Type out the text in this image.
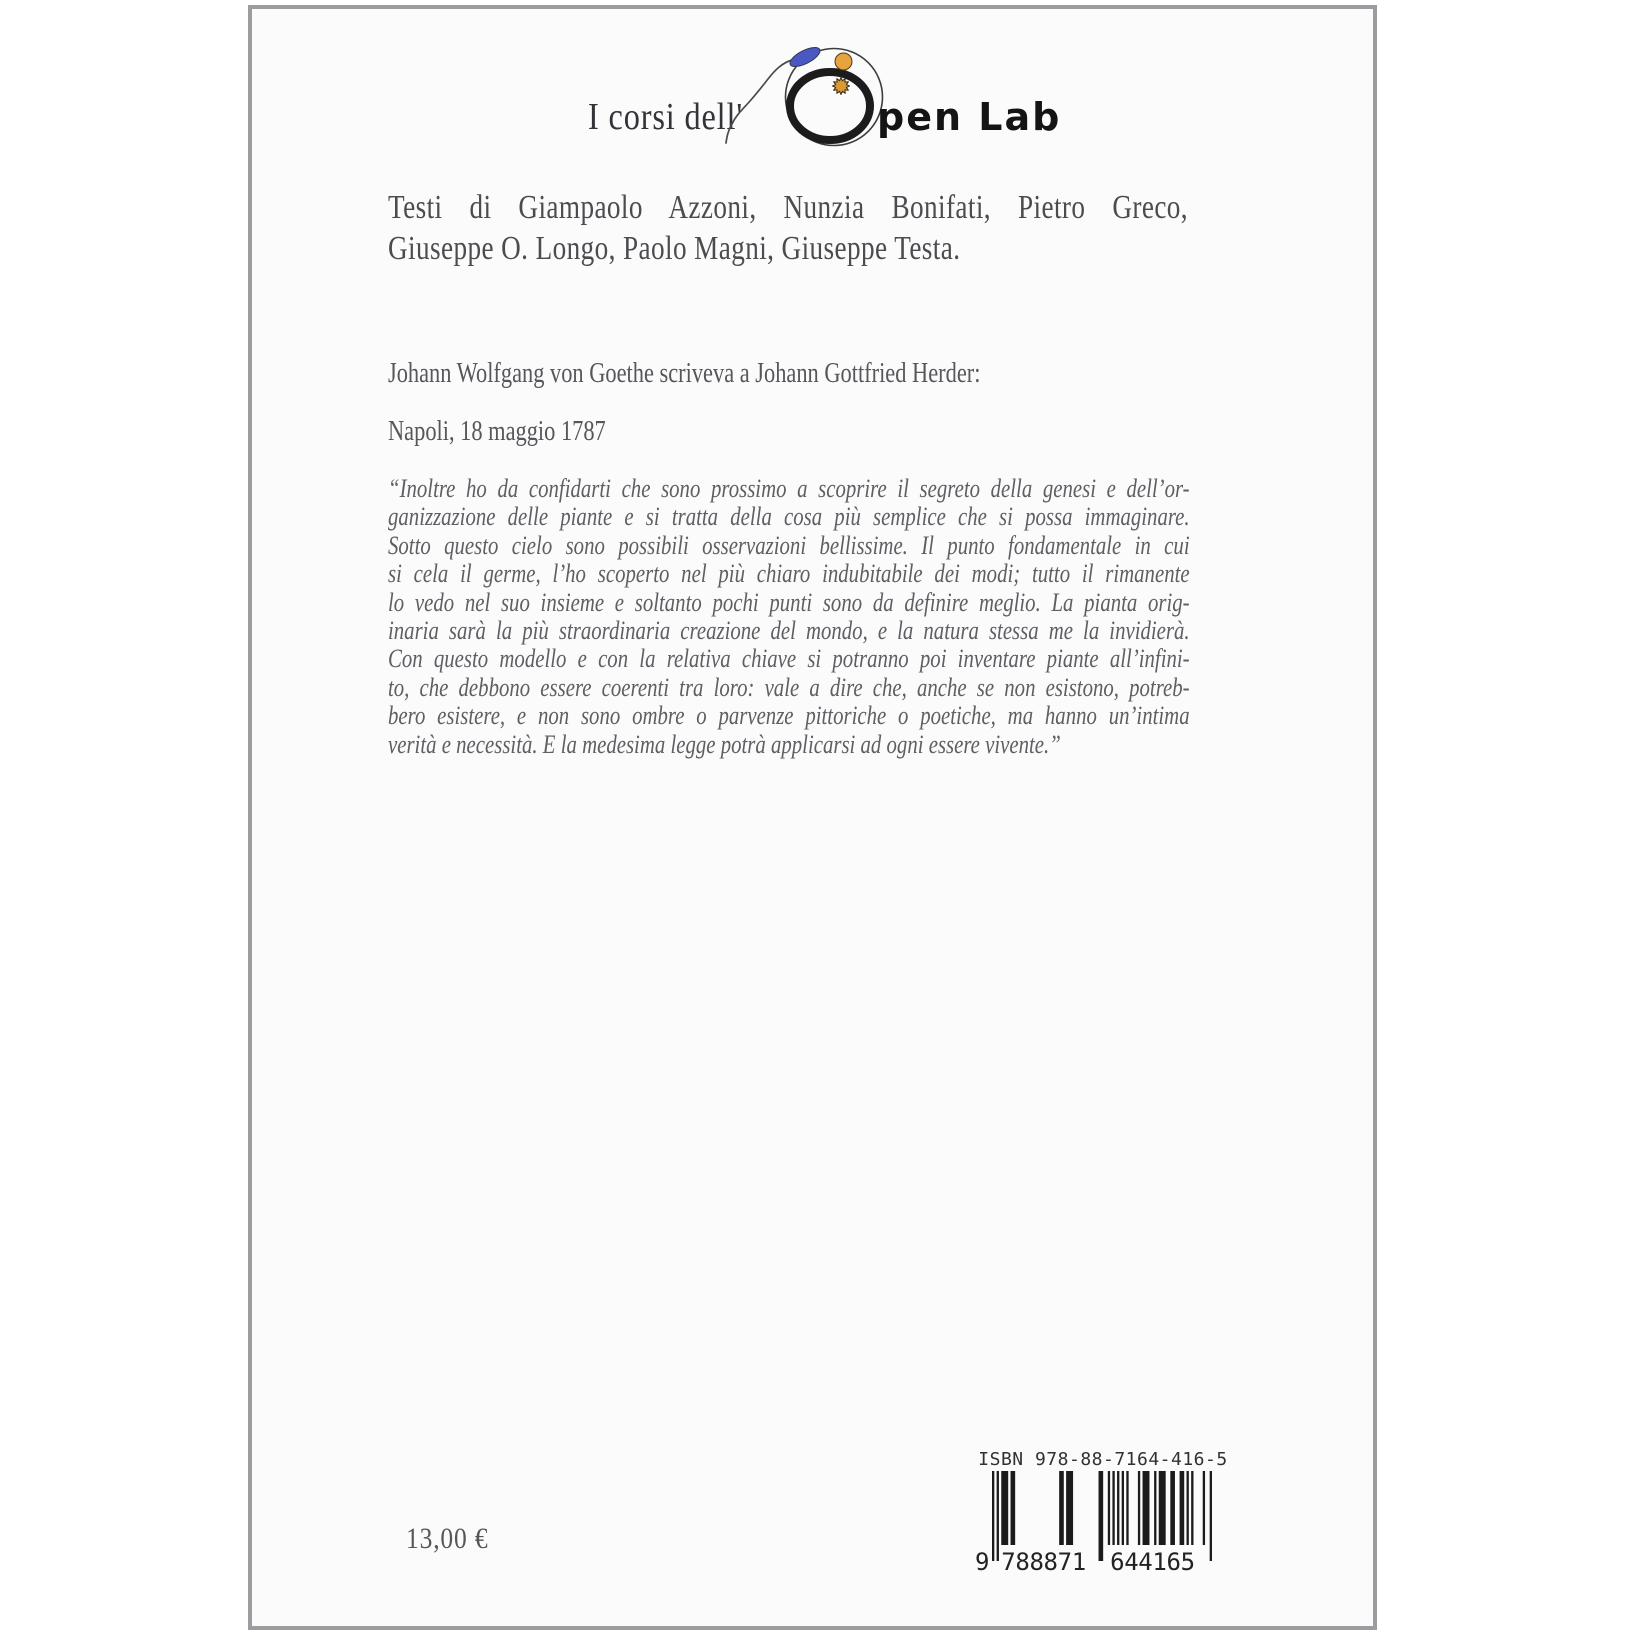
I corsi dell'	pen Lab
Testi di Giampaolo Azzoni, Nunzia Bonifati, Pietro Greco,
Giuseppe O. Longo, Paolo Magni, Giuseppe Testa.
Johann Wolfgang von Goethe scriveva a Johann Gottfried Herder:
Napoli, 18 maggio 1787
“Inoltre ho da confidarti che sono prossimo a scoprire il segreto della genesi e dell’or-
ganizzazione delle piante e si tratta della cosa più semplice che si possa immaginare.
Sotto questo cielo sono possibili osservazioni bellissime. Il punto fondamentale in cui
si cela il germe, l’ho scoperto nel più chiaro indubitabile dei modi; tutto il rimanente
lo vedo nel suo insieme e soltanto pochi punti sono da definire meglio. La pianta orig-
inaria sarà la più straordinaria creazione del mondo, e la natura stessa me la invidierà.
Con questo modello e con la relativa chiave si potranno poi inventare piante all’infini-
to, che debbono essere coerenti tra loro: vale a dire che, anche se non esistono, potreb-
bero esistere, e non sono ombre o parvenze pittoriche o poetiche, ma hanno un’intima
verità e necessità. E la medesima legge potrà applicarsi ad ogni essere vivente.”
13,00 €
ISBN 978-88-7164-416-5
9 788871 644165
